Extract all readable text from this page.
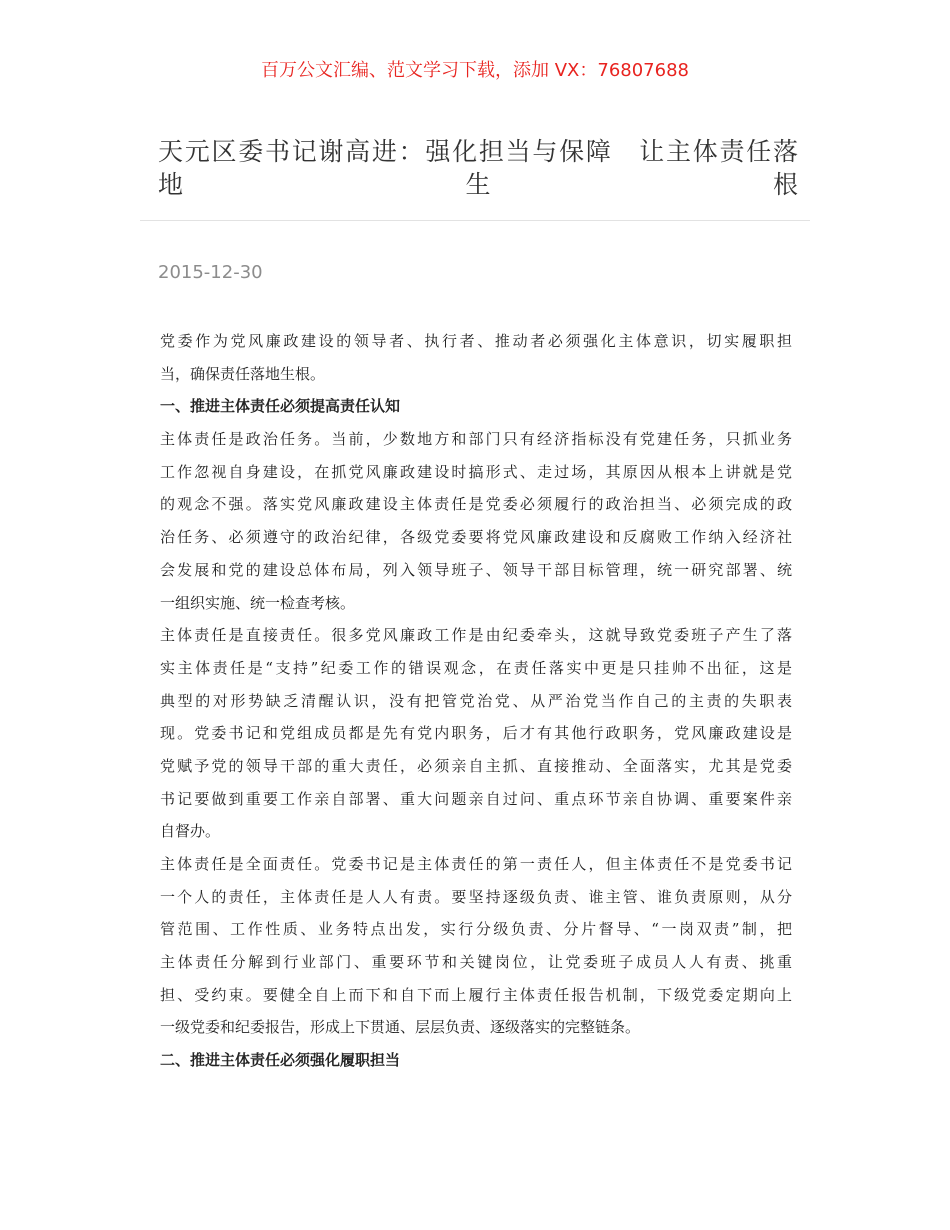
百万公文汇编、范文学习下载，添加 VX：76807688
天元区委书记谢高进：强化担当与保障　让主体责任落
地生根
2015-12-30
党委作为党风廉政建设的领导者、执行者、推动者必须强化主体意识，切实履职担
当，确保责任落地生根。
一、推进主体责任必须提高责任认知
主体责任是政治任务。当前，少数地方和部门只有经济指标没有党建任务，只抓业务
工作忽视自身建设，在抓党风廉政建设时搞形式、走过场，其原因从根本上讲就是党
的观念不强。落实党风廉政建设主体责任是党委必须履行的政治担当、必须完成的政
治任务、必须遵守的政治纪律，各级党委要将党风廉政建设和反腐败工作纳入经济社
会发展和党的建设总体布局，列入领导班子、领导干部目标管理，统一研究部署、统
一组织实施、统一检查考核。
主体责任是直接责任。很多党风廉政工作是由纪委牵头，这就导致党委班子产生了落
实主体责任是“支持”纪委工作的错误观念，在责任落实中更是只挂帅不出征，这是
典型的对形势缺乏清醒认识，没有把管党治党、从严治党当作自己的主责的失职表
现。党委书记和党组成员都是先有党内职务，后才有其他行政职务，党风廉政建设是
党赋予党的领导干部的重大责任，必须亲自主抓、直接推动、全面落实，尤其是党委
书记要做到重要工作亲自部署、重大问题亲自过问、重点环节亲自协调、重要案件亲
自督办。
主体责任是全面责任。党委书记是主体责任的第一责任人，但主体责任不是党委书记
一个人的责任，主体责任是人人有责。要坚持逐级负责、谁主管、谁负责原则，从分
管范围、工作性质、业务特点出发，实行分级负责、分片督导、“一岗双责”制，把
主体责任分解到行业部门、重要环节和关键岗位，让党委班子成员人人有责、挑重
担、受约束。要健全自上而下和自下而上履行主体责任报告机制，下级党委定期向上
一级党委和纪委报告，形成上下贯通、层层负责、逐级落实的完整链条。
二、推进主体责任必须强化履职担当
